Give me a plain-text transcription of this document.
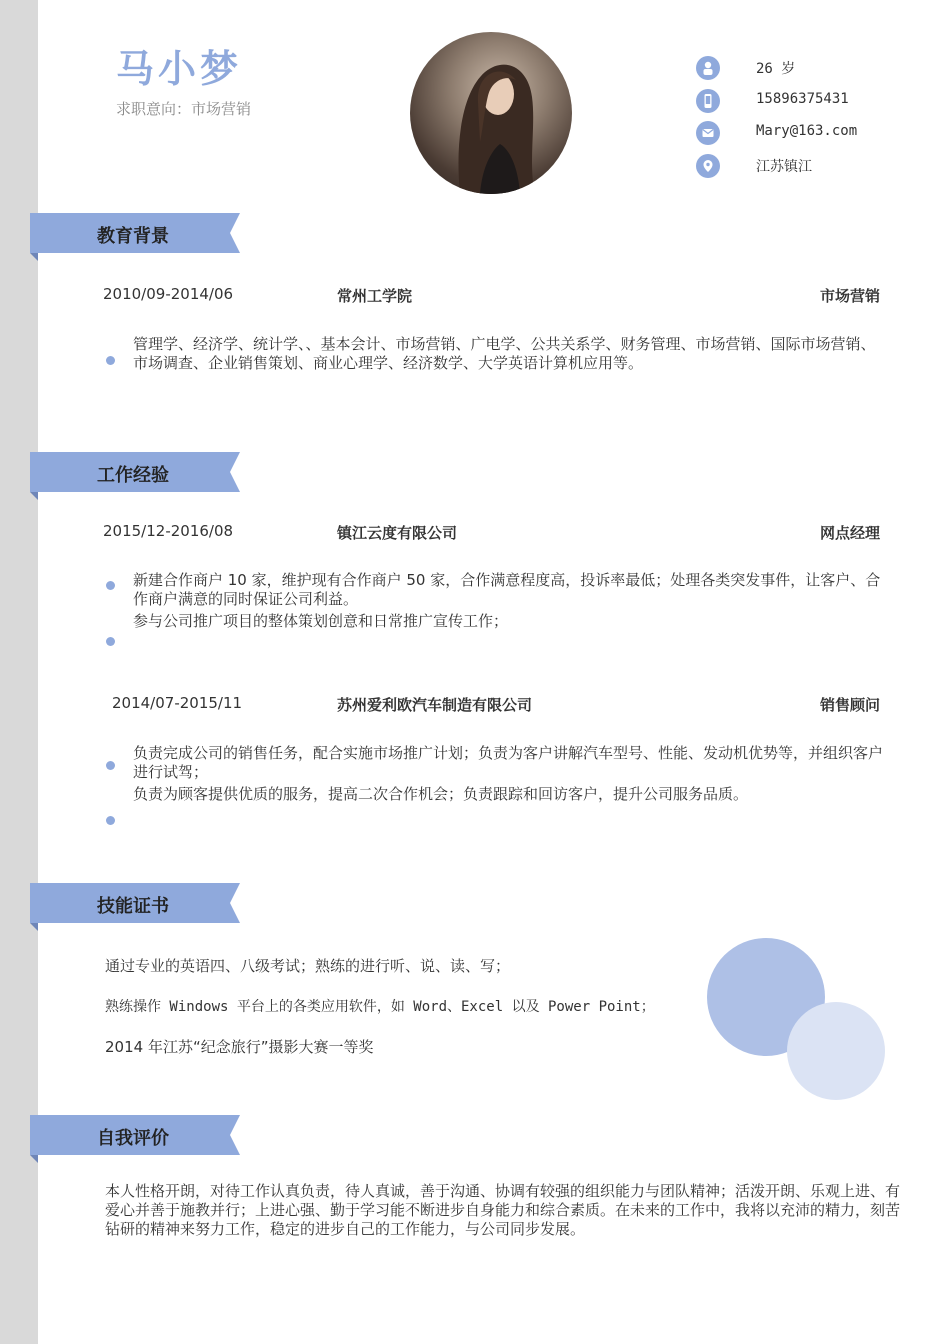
马小梦
求职意向：市场营销
26 岁
15896375431
Mary@163.com
江苏镇江
教育背景
2010/09-2014/06	常州工学院	市场营销
管理学、经济学、统计学、、基本会计、市场营销、广电学、公共关系学、财务管理、市场营销、国际市场营销、市场调查、企业销售策划、商业心理学、经济数学、大学英语计算机应用等。
工作经验
2015/12-2016/08	镇江云度有限公司	网点经理
新建合作商户 10 家，维护现有合作商户 50 家，合作满意程度高，投诉率最低；处理各类突发事件，让客户、合作商户满意的同时保证公司利益。
参与公司推广项目的整体策划创意和日常推广宣传工作；
2014/07-2015/11	苏州爱利欧汽车制造有限公司	销售顾问
负责完成公司的销售任务，配合实施市场推广计划；负责为客户讲解汽车型号、性能、发动机优势等，并组织客户进行试驾；
负责为顾客提供优质的服务，提高二次合作机会；负责跟踪和回访客户，提升公司服务品质。
技能证书
通过专业的英语四、八级考试；熟练的进行听、说、读、写；
熟练操作 Windows 平台上的各类应用软件，如 Word、Excel 以及 Power Point；
2014 年江苏“纪念旅行”摄影大赛一等奖
自我评价
本人性格开朗，对待工作认真负责，待人真诚，善于沟通、协调有较强的组织能力与团队精神；活泼开朗、乐观上进、有爱心并善于施教并行；上进心强、勤于学习能不断进步自身能力和综合素质。在未来的工作中，我将以充沛的精力，刻苦钻研的精神来努力工作，稳定的进步自己的工作能力，与公司同步发展。
